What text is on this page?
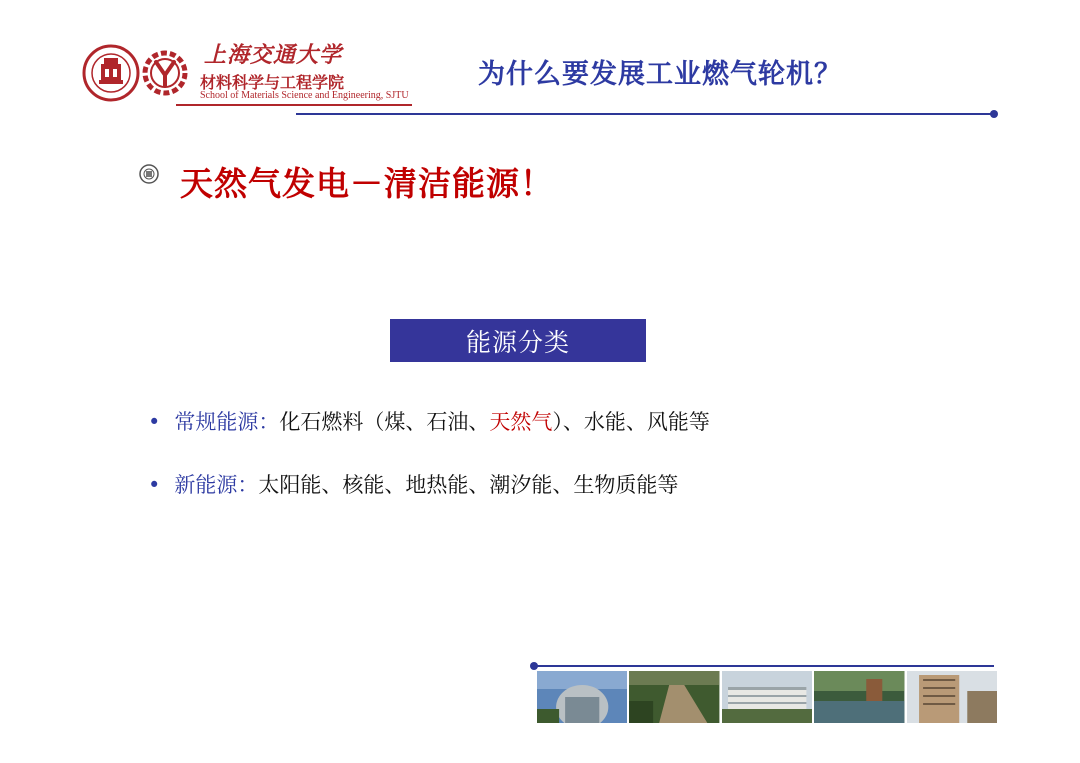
上海交通大学
材料科学与工程学院
School of Materials Science and Engineering, SJTU
为什么要发展工业燃气轮机？
天然气发电－清洁能源！
能源分类
• 常规能源：化石燃料（煤、石油、天然气）、水能、风能等
• 新能源：太阳能、核能、地热能、潮汐能、生物质能等
